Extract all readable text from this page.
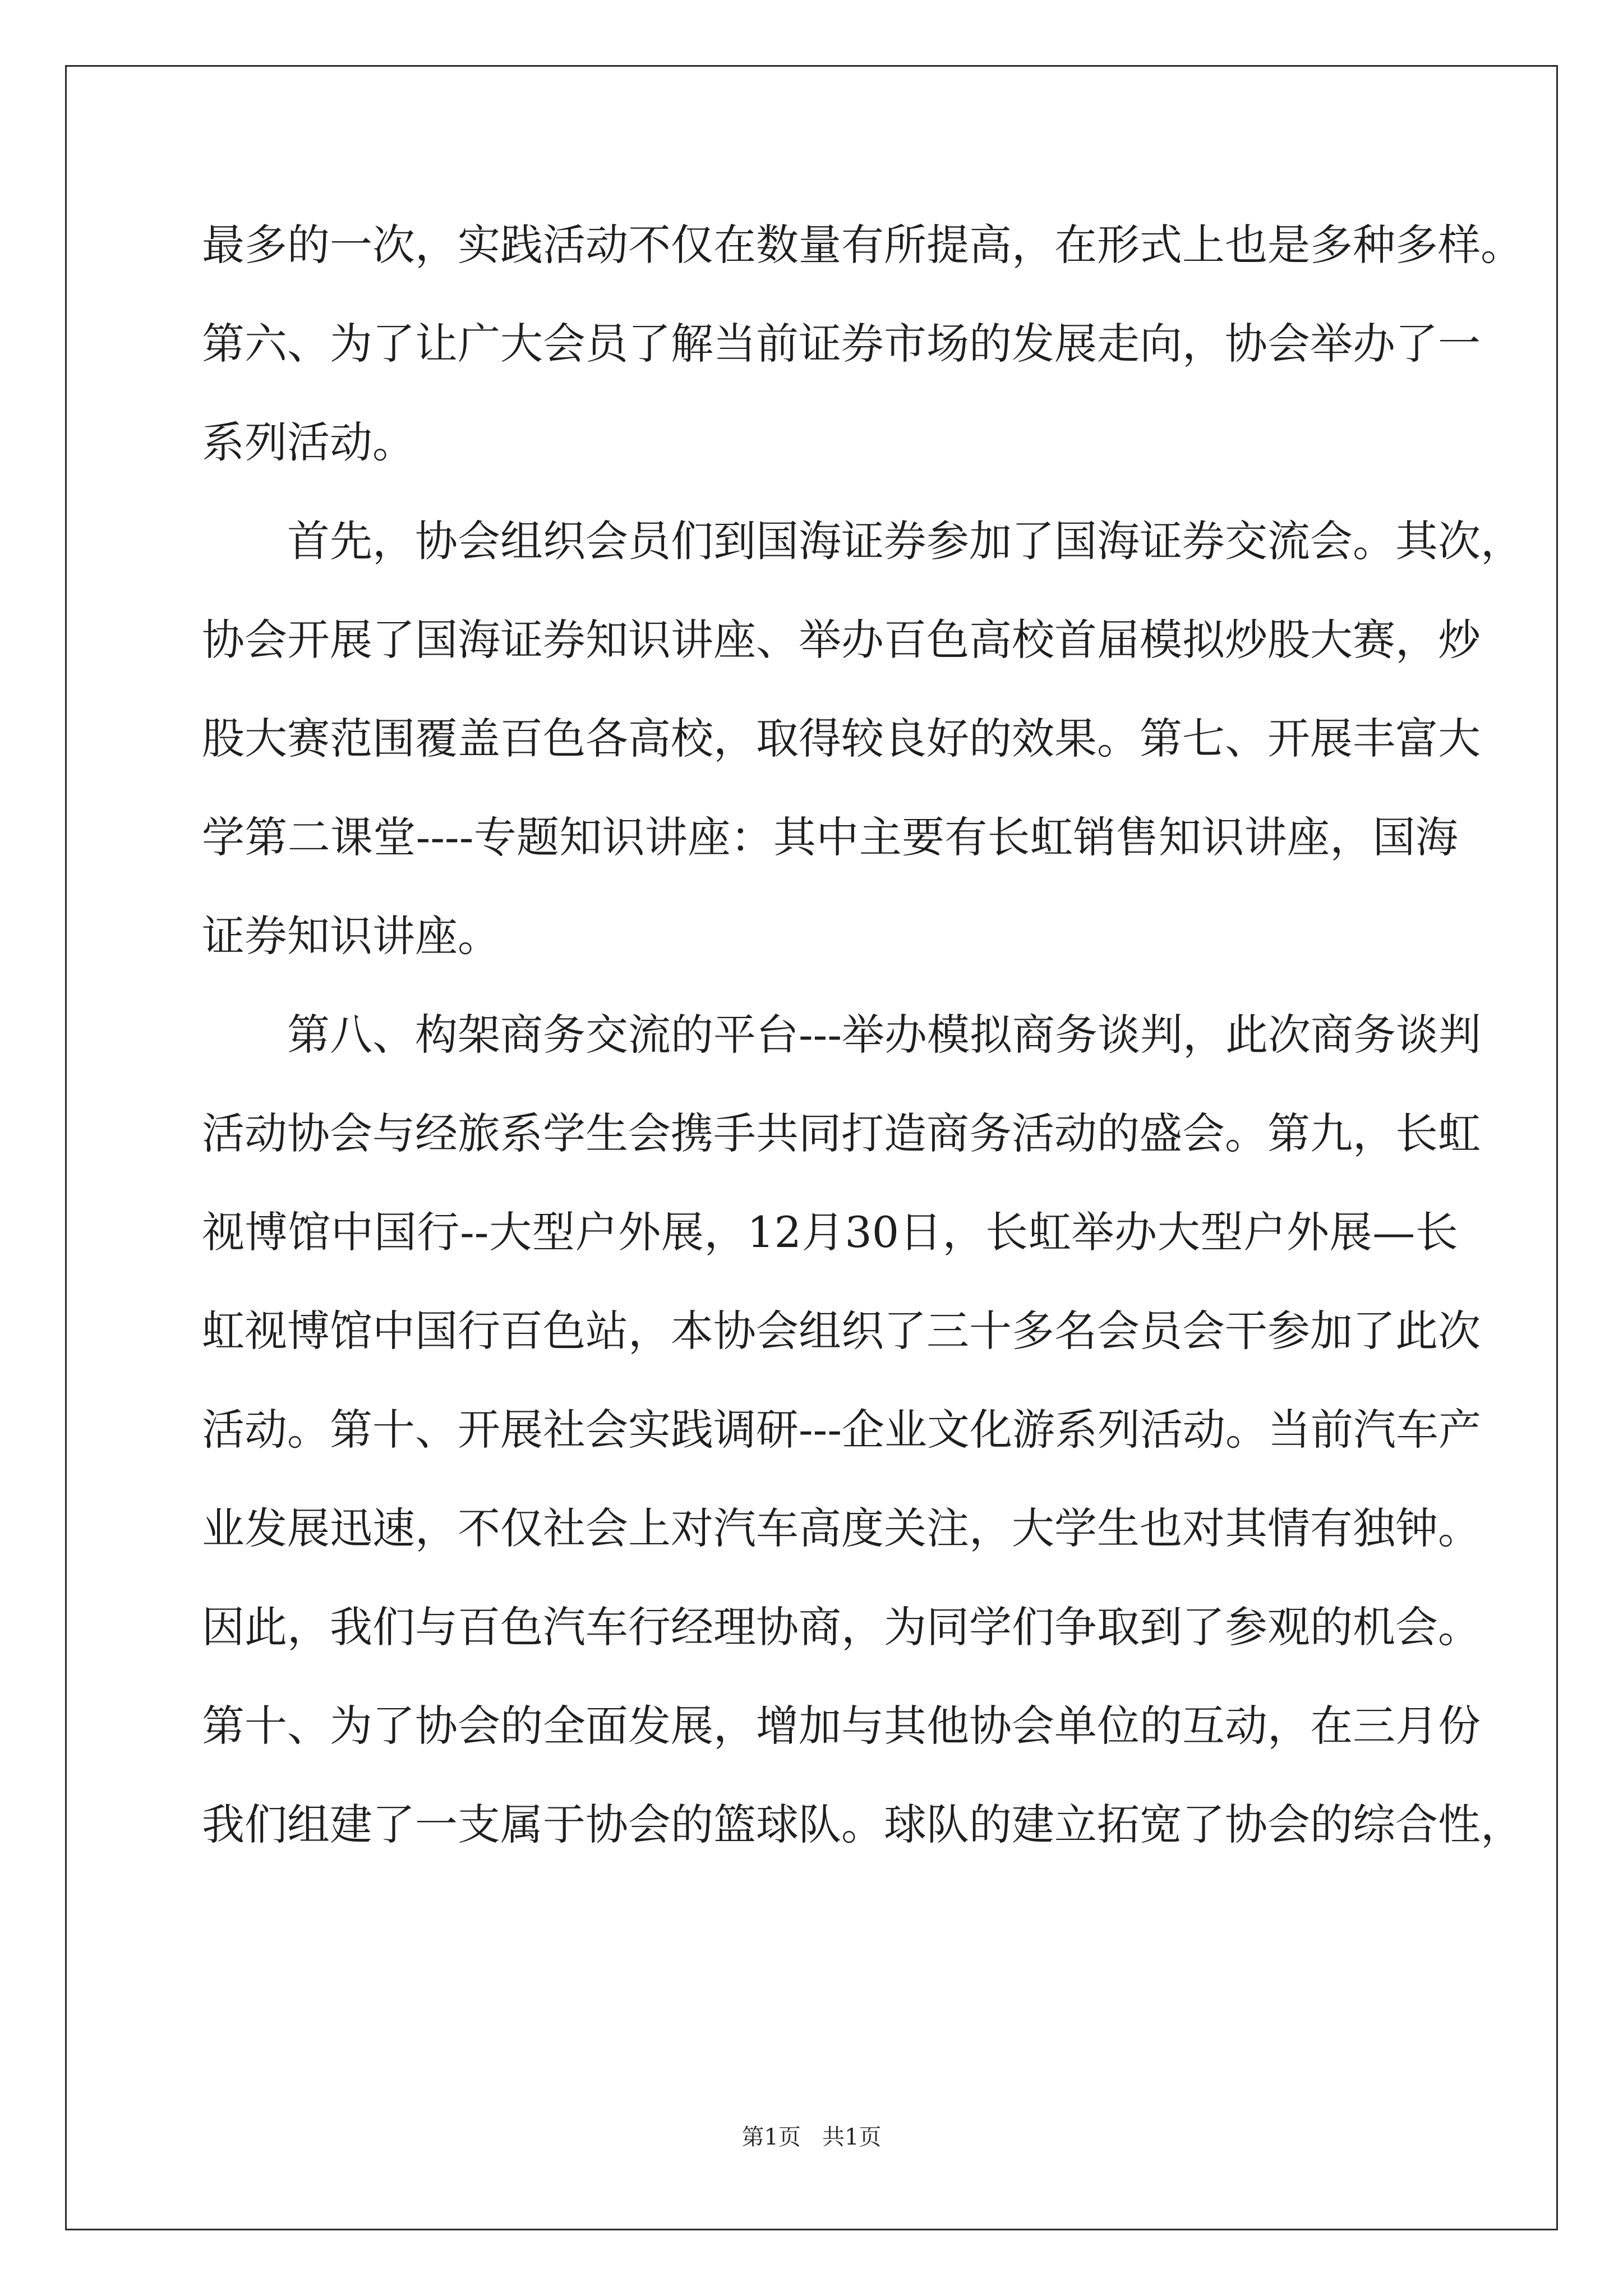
最多的一次，实践活动不仅在数量有所提高，在形式上也是多种多样。
第六、为了让广大会员了解当前证券市场的发展走向，协会举办了一
系列活动。
首先，协会组织会员们到国海证券参加了国海证券交流会。其次，
协会开展了国海证券知识讲座、举办百色高校首届模拟炒股大赛，炒
股大赛范围覆盖百色各高校，取得较良好的效果。第七、开展丰富大
学第二课堂----专题知识讲座：其中主要有长虹销售知识讲座，国海
证券知识讲座。
第八、构架商务交流的平台---举办模拟商务谈判，此次商务谈判
活动协会与经旅系学生会携手共同打造商务活动的盛会。第九，长虹
视博馆中国行--大型户外展，12月30日，长虹举办大型户外展—长
虹视博馆中国行百色站，本协会组织了三十多名会员会干参加了此次
活动。第十、开展社会实践调研---企业文化游系列活动。当前汽车产
业发展迅速，不仅社会上对汽车高度关注，大学生也对其情有独钟。
因此，我们与百色汽车行经理协商，为同学们争取到了参观的机会。
第十、为了协会的全面发展，增加与其他协会单位的互动，在三月份
我们组建了一支属于协会的篮球队。球队的建立拓宽了协会的综合性，
第1页   共1页
